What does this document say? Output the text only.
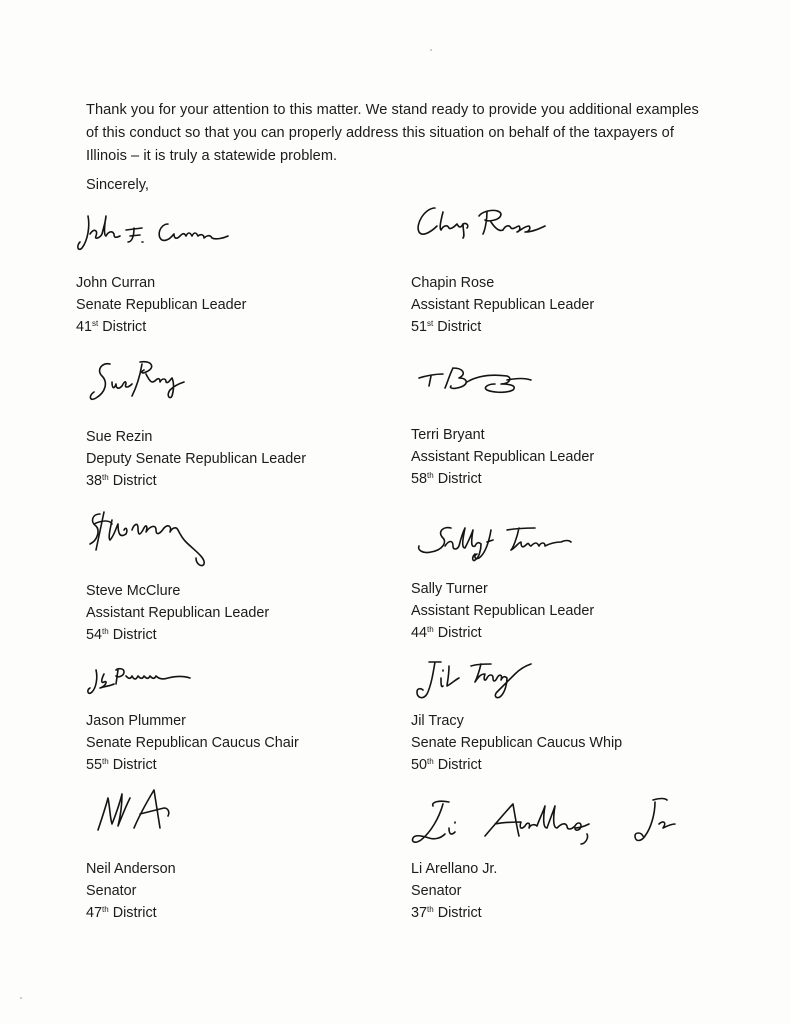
Thank you for your attention to this matter. We stand ready to provide you additional examples of this conduct so that you can properly address this situation on behalf of the taxpayers of Illinois – it is truly a statewide problem.
Sincerely,
John Curran
Senate Republican Leader
41st District
Chapin Rose
Assistant Republican Leader
51st District
Sue Rezin
Deputy Senate Republican Leader
38th District
Terri Bryant
Assistant Republican Leader
58th District
Steve McClure
Assistant Republican Leader
54th District
Sally Turner
Assistant Republican Leader
44th District
Jason Plummer
Senate Republican Caucus Chair
55th District
Jil Tracy
Senate Republican Caucus Whip
50th District
Neil Anderson
Senator
47th District
Li Arellano Jr.
Senator
37th District
